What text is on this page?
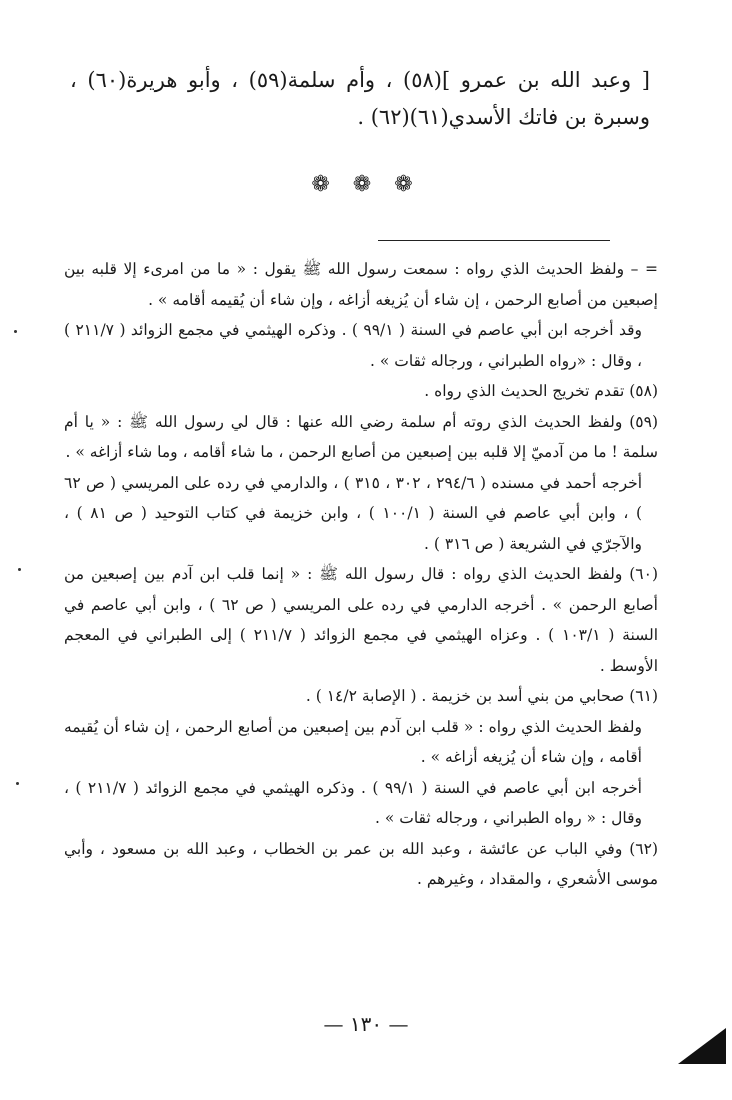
[ وعبد الله بن عمرو ](٥٨) ، وأم سلمة(٥٩) ، وأبو هريرة(٦٠) ، وسبرة بن فاتك الأسدي(٦١)(٦٢) .
❁ ❁ ❁

= – ولفظ الحديث الذي رواه : سمعت رسول الله ﷺ يقول : « ما من امرىء إلا قلبه بين إصبعين من أصابع الرحمن ، إن شاء أن يُزيغه أزاغه ، وإن شاء أن يُقيمه أقامه » .

وقد أخرجه ابن أبي عاصم في السنة ( ٩٩/١ ) . وذكره الهيثمي في مجمع الزوائد ( ٢١١/٧ ) ، وقال : «رواه الطبراني ، ورجاله ثقات » .

(٥٨) تقدم تخريج الحديث الذي رواه .

(٥٩) ولفظ الحديث الذي روته أم سلمة رضي الله عنها : قال لي رسول الله ﷺ : « يا أم سلمة ! ما من آدميّ إلا قلبه بين إصبعين من أصابع الرحمن ، ما شاء أقامه ، وما شاء أزاغه » .

أخرجه أحمد في مسنده ( ٢٩٤/٦ ، ٣٠٢ ، ٣١٥ ) ، والدارمي في رده على المريسي ( ص ٦٢ ) ، وابن أبي عاصم في السنة ( ١٠٠/١ ) ، وابن خزيمة في كتاب التوحيد ( ص ٨١ ) ، والآجرّي في الشريعة ( ص ٣١٦ ) .

(٦٠) ولفظ الحديث الذي رواه : قال رسول الله ﷺ : « إنما قلب ابن آدم بين إصبعين من أصابع الرحمن » . أخرجه الدارمي في رده على المريسي ( ص ٦٢ ) ، وابن أبي عاصم في السنة ( ١٠٣/١ ) . وعزاه الهيثمي في مجمع الزوائد ( ٢١١/٧ ) إلى الطبراني في المعجم الأوسط .

(٦١) صحابي من بني أسد بن خزيمة . ( الإصابة ١٤/٢ ) .

ولفظ الحديث الذي رواه : « قلب ابن آدم بين إصبعين من أصابع الرحمن ، إن شاء أن يُقيمه أقامه ، وإن شاء أن يُزيغه أزاغه » .

أخرجه ابن أبي عاصم في السنة ( ٩٩/١ ) . وذكره الهيثمي في مجمع الزوائد ( ٢١١/٧ ) ، وقال : « رواه الطبراني ، ورجاله ثقات » .

(٦٢) وفي الباب عن عائشة ، وعبد الله بن عمر بن الخطاب ، وعبد الله بن مسعود ، وأبي موسى الأشعري ، والمقداد ، وغيرهم .

— ١٣٠ —
